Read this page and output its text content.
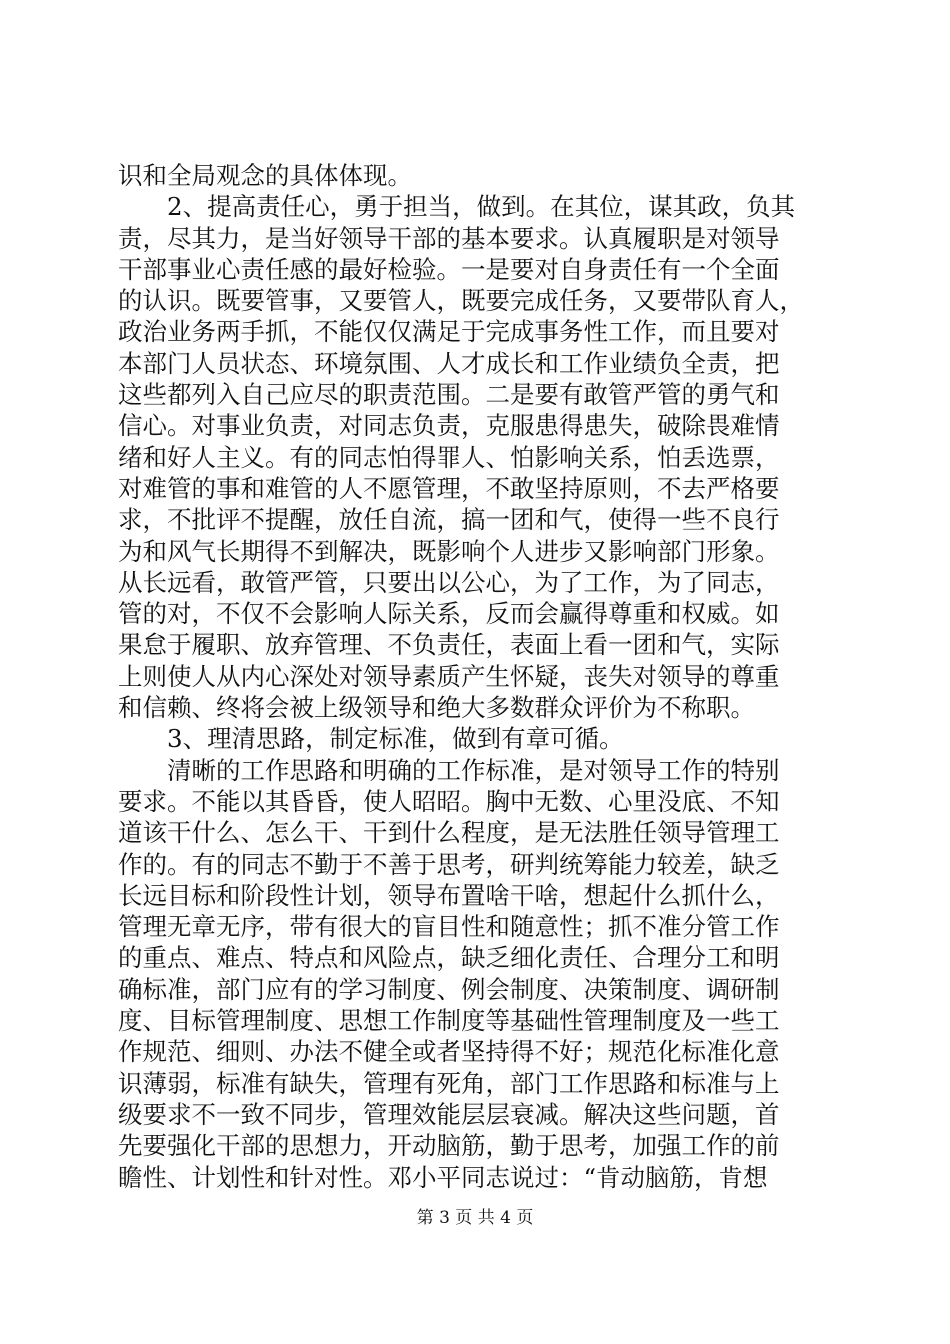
识和全局观念的具体体现。
　　2、提高责任心，勇于担当，做到。在其位，谋其政，负其
责，尽其力，是当好领导干部的基本要求。认真履职是对领导
干部事业心责任感的最好检验。一是要对自身责任有一个全面
的认识。既要管事，又要管人，既要完成任务，又要带队育人，
政治业务两手抓，不能仅仅满足于完成事务性工作，而且要对
本部门人员状态、环境氛围、人才成长和工作业绩负全责，把
这些都列入自己应尽的职责范围。二是要有敢管严管的勇气和
信心。对事业负责，对同志负责，克服患得患失，破除畏难情
绪和好人主义。有的同志怕得罪人、怕影响关系，怕丢选票，
对难管的事和难管的人不愿管理，不敢坚持原则，不去严格要
求，不批评不提醒，放任自流，搞一团和气，使得一些不良行
为和风气长期得不到解决，既影响个人进步又影响部门形象。
从长远看，敢管严管，只要出以公心，为了工作，为了同志，
管的对，不仅不会影响人际关系，反而会赢得尊重和权威。如
果怠于履职、放弃管理、不负责任，表面上看一团和气，实际
上则使人从内心深处对领导素质产生怀疑，丧失对领导的尊重
和信赖、终将会被上级领导和绝大多数群众评价为不称职。
　　3、理清思路，制定标准，做到有章可循。
　　清晰的工作思路和明确的工作标准，是对领导工作的特别
要求。不能以其昏昏，使人昭昭。胸中无数、心里没底、不知
道该干什么、怎么干、干到什么程度，是无法胜任领导管理工
作的。有的同志不勤于不善于思考，研判统筹能力较差，缺乏
长远目标和阶段性计划，领导布置啥干啥，想起什么抓什么，
管理无章无序，带有很大的盲目性和随意性；抓不准分管工作
的重点、难点、特点和风险点，缺乏细化责任、合理分工和明
确标准，部门应有的学习制度、例会制度、决策制度、调研制
度、目标管理制度、思想工作制度等基础性管理制度及一些工
作规范、细则、办法不健全或者坚持得不好；规范化标准化意
识薄弱，标准有缺失，管理有死角，部门工作思路和标准与上
级要求不一致不同步，管理效能层层衰减。解决这些问题，首
先要强化干部的思想力，开动脑筋，勤于思考，加强工作的前
瞻性、计划性和针对性。邓小平同志说过：“肯动脑筋，肯想
第 3 页 共 4 页
